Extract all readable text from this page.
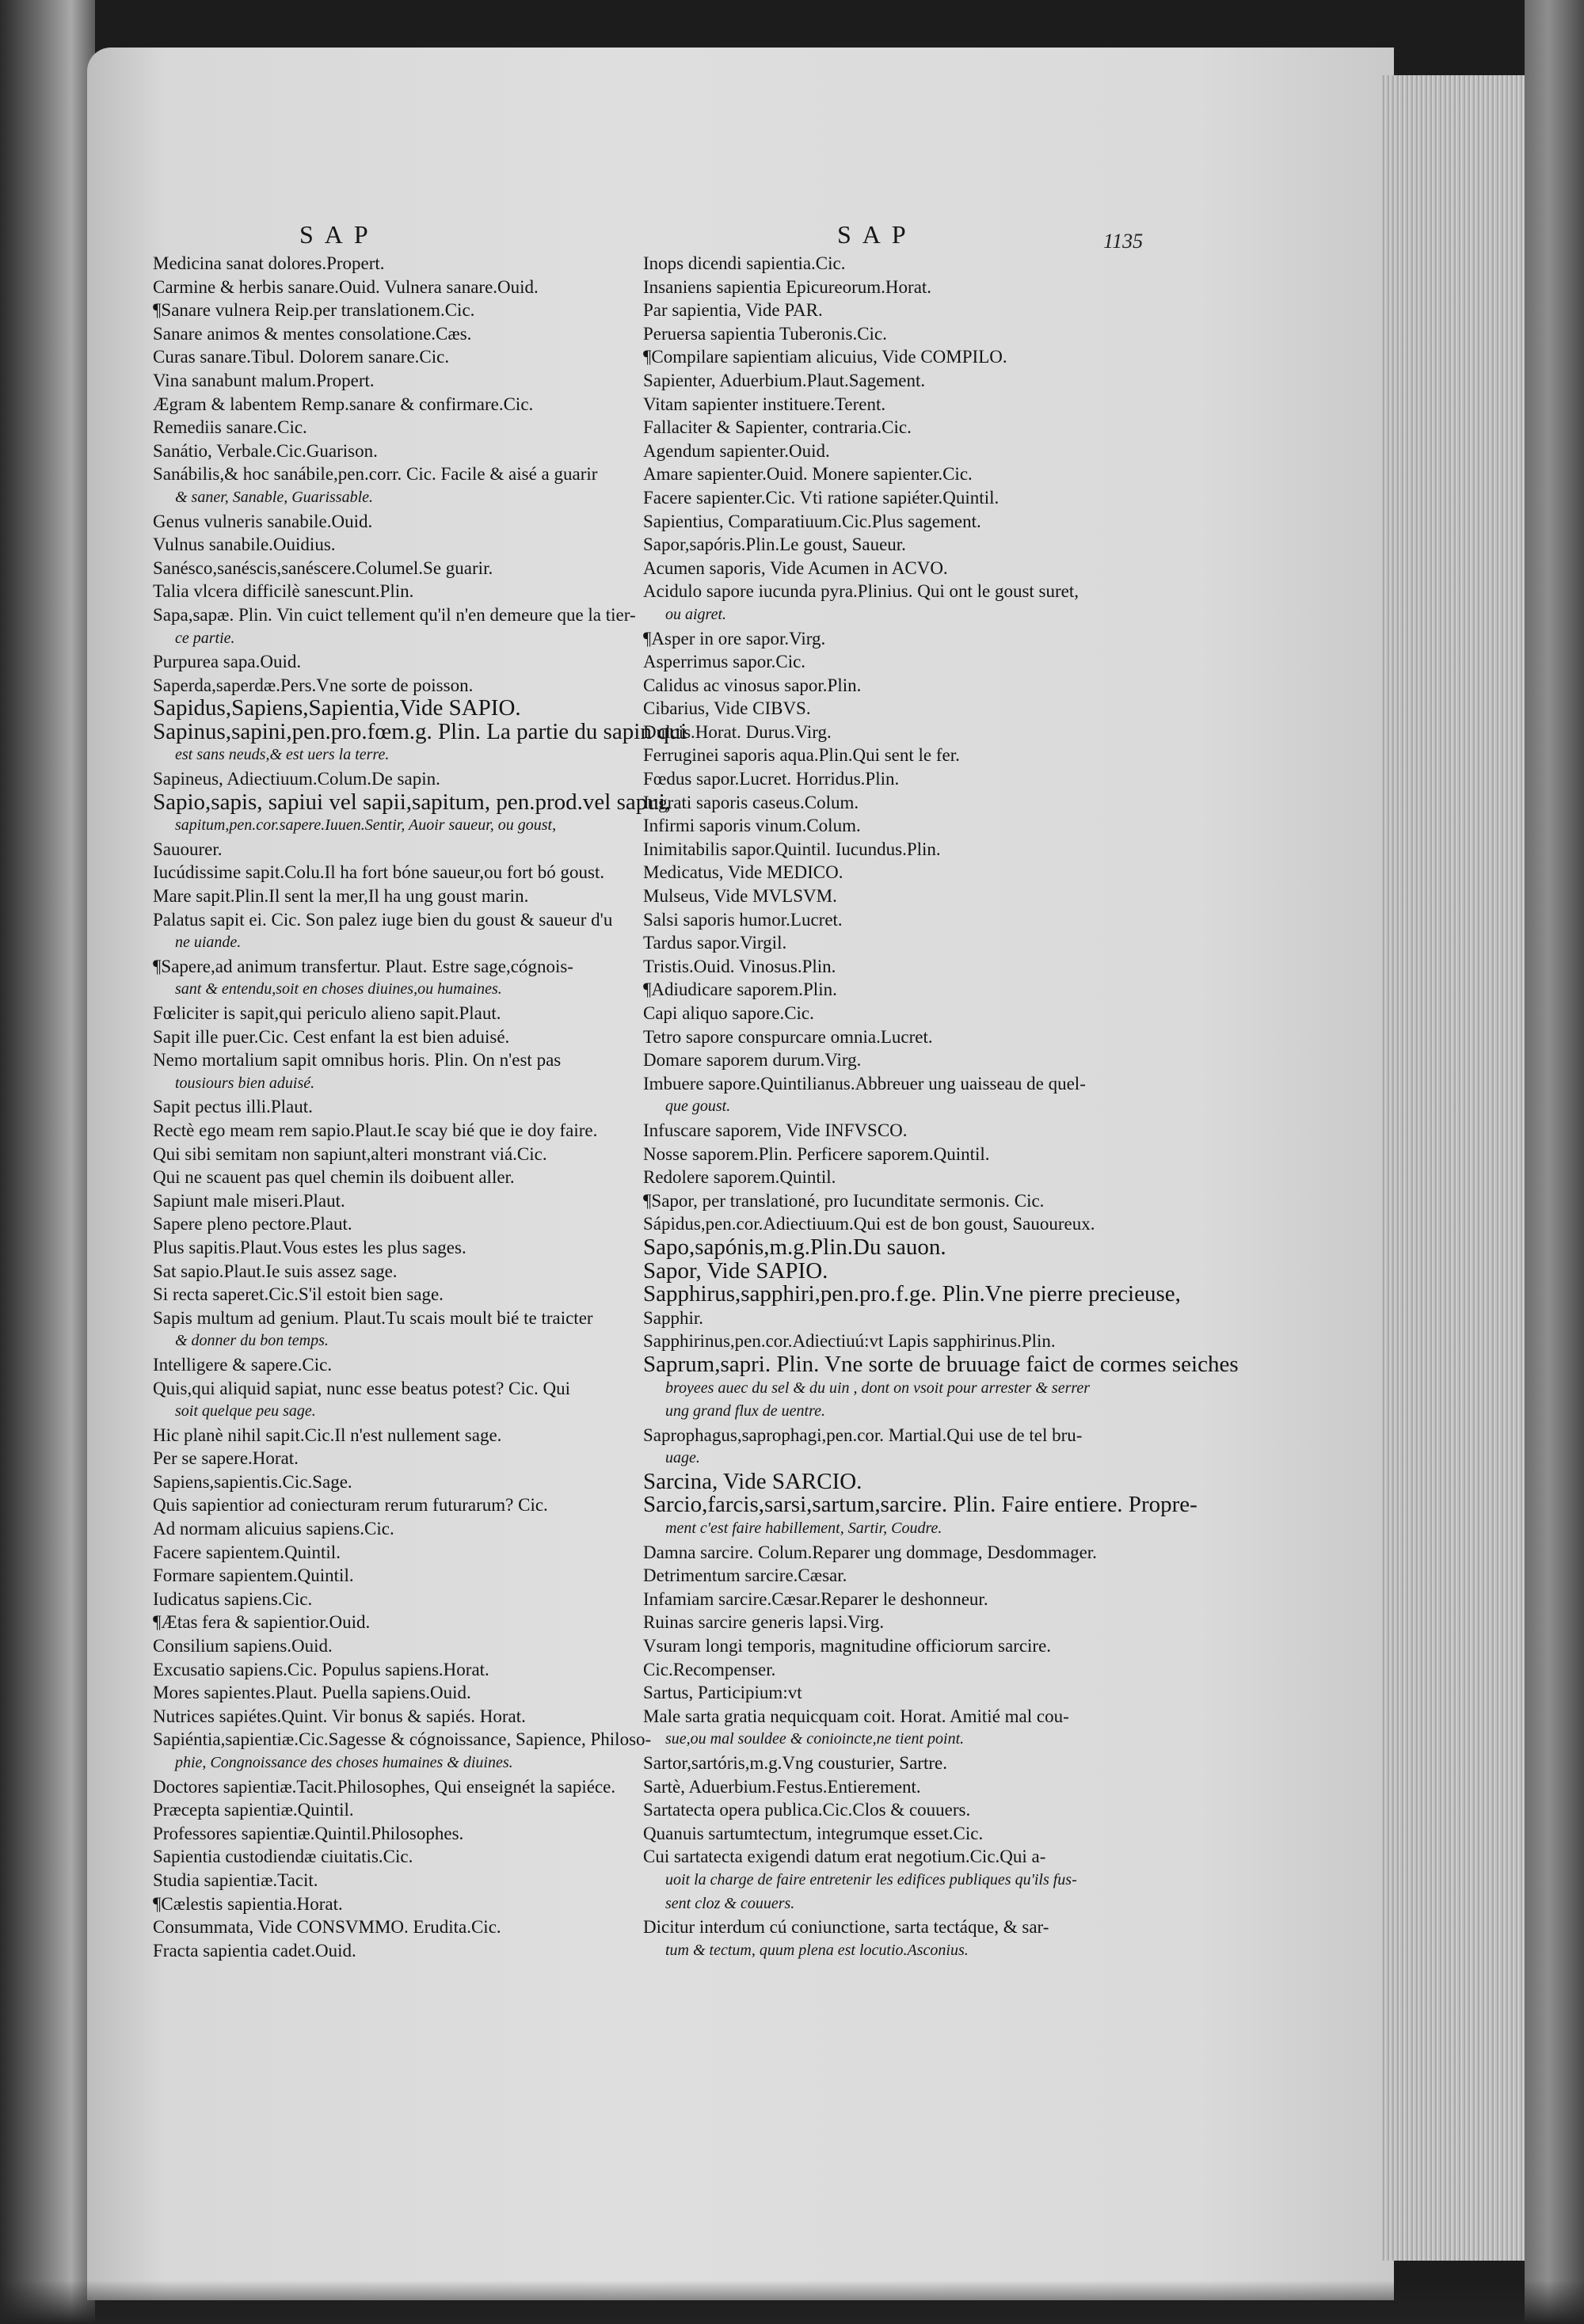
SAP	SAP	1135
Medicina sanat dolores.Propert.
Carmine & herbis sanare.Ouid. Vulnera sanare.Ouid.
¶Sanare vulnera Reip.per translationem.Cic.
Sanare animos & mentes consolatione.Cæs.
Curas sanare.Tibul. Dolorem sanare.Cic.
Vina sanabunt malum.Propert.
Ægram & labentem Remp.sanare & confirmare.Cic.
Remediis sanare.Cic.
Sanátio, Verbale.Cic.Guarison.
Sanábilis,& hoc sanábile,pen.corr. Cic. Facile & aisé a guarir
& saner, Sanable, Guarissable.
Genus vulneris sanabile.Ouid.
Vulnus sanabile.Ouidius.
Sanésco,sanéscis,sanéscere.Columel.Se guarir.
Talia vlcera difficilè sanescunt.Plin.
Sapa,sapæ. Plin. Vin cuict tellement qu'il n'en demeure que la tier-
ce partie.
Purpurea sapa.Ouid.
Saperda,saperdæ.Pers.Vne sorte de poisson.
Sapidus,Sapiens,Sapientia,Vide SAPIO.
Sapinus,sapini,pen.pro.fœm.g. Plin. La partie du sapin qui
est sans neuds,& est uers la terre.
Sapineus, Adiectiuum.Colum.De sapin.
Sapio,sapis, sapiui vel sapii,sapitum, pen.prod.vel sapui,
sapitum,pen.cor.sapere.Iuuen.Sentir, Auoir saueur, ou goust,
Sauourer.
Iucúdissime sapit.Colu.Il ha fort bóne saueur,ou fort bó goust.
Mare sapit.Plin.Il sent la mer,Il ha ung goust marin.
Palatus sapit ei. Cic. Son palez iuge bien du goust & saueur d'u
ne uiande.
¶Sapere,ad animum transfertur. Plaut. Estre sage,cógnois-
sant & entendu,soit en choses diuines,ou humaines.
Fœliciter is sapit,qui periculo alieno sapit.Plaut.
Sapit ille puer.Cic. Cest enfant la est bien aduisé.
Nemo mortalium sapit omnibus horis. Plin. On n'est pas
tousiours bien aduisé.
Sapit pectus illi.Plaut.
Rectè ego meam rem sapio.Plaut.Ie scay bié que ie doy faire.
Qui sibi semitam non sapiunt,alteri monstrant viá.Cic.
Qui ne scauent pas quel chemin ils doibuent aller.
Sapiunt male miseri.Plaut.
Sapere pleno pectore.Plaut.
Plus sapitis.Plaut.Vous estes les plus sages.
Sat sapio.Plaut.Ie suis assez sage.
Si recta saperet.Cic.S'il estoit bien sage.
Sapis multum ad genium. Plaut.Tu scais moult bié te traicter
& donner du bon temps.
Intelligere & sapere.Cic.
Quis,qui aliquid sapiat, nunc esse beatus potest? Cic. Qui
soit quelque peu sage.
Hic planè nihil sapit.Cic.Il n'est nullement sage.
Per se sapere.Horat.
Sapiens,sapientis.Cic.Sage.
Quis sapientior ad coniecturam rerum futurarum? Cic.
Ad normam alicuius sapiens.Cic.
Facere sapientem.Quintil.
Formare sapientem.Quintil.
Iudicatus sapiens.Cic.
¶Ætas fera & sapientior.Ouid.
Consilium sapiens.Ouid.
Excusatio sapiens.Cic. Populus sapiens.Horat.
Mores sapientes.Plaut. Puella sapiens.Ouid.
Nutrices sapiétes.Quint. Vir bonus & sapiés. Horat.
Sapiéntia,sapientiæ.Cic.Sagesse & cógnoissance, Sapience, Philoso-
phie, Congnoissance des choses humaines & diuines.
Doctores sapientiæ.Tacit.Philosophes, Qui enseignét la sapiéce.
Præcepta sapientiæ.Quintil.
Professores sapientiæ.Quintil.Philosophes.
Sapientia custodiendæ ciuitatis.Cic.
Studia sapientiæ.Tacit.
¶Cælestis sapientia.Horat.
Consummata, Vide CONSVMMO. Erudita.Cic.
Fracta sapientia cadet.Ouid.
Inops dicendi sapientia.Cic.
Insaniens sapientia Epicureorum.Horat.
Par sapientia, Vide PAR.
Peruersa sapientia Tuberonis.Cic.
¶Compilare sapientiam alicuius, Vide COMPILO.
Sapienter, Aduerbium.Plaut.Sagement.
Vitam sapienter instituere.Terent.
Fallaciter & Sapienter, contraria.Cic.
Agendum sapienter.Ouid.
Amare sapienter.Ouid. Monere sapienter.Cic.
Facere sapienter.Cic. Vti ratione sapiéter.Quintil.
Sapientius, Comparatiuum.Cic.Plus sagement.
Sapor,sapóris.Plin.Le goust, Saueur.
Acumen saporis, Vide Acumen in ACVO.
Acidulo sapore iucunda pyra.Plinius. Qui ont le goust suret,
ou aigret.
¶Asper in ore sapor.Virg.
Asperrimus sapor.Cic.
Calidus ac vinosus sapor.Plin.
Cibarius, Vide CIBVS.
Dulcis.Horat. Durus.Virg.
Ferruginei saporis aqua.Plin.Qui sent le fer.
Fœdus sapor.Lucret. Horridus.Plin.
Ingrati saporis caseus.Colum.
Infirmi saporis vinum.Colum.
Inimitabilis sapor.Quintil. Iucundus.Plin.
Medicatus, Vide MEDICO.
Mulseus, Vide MVLSVM.
Salsi saporis humor.Lucret.
Tardus sapor.Virgil.
Tristis.Ouid. Vinosus.Plin.
¶Adiudicare saporem.Plin.
Capi aliquo sapore.Cic.
Tetro sapore conspurcare omnia.Lucret.
Domare saporem durum.Virg.
Imbuere sapore.Quintilianus.Abbreuer ung uaisseau de quel-
que goust.
Infuscare saporem, Vide INFVSCO.
Nosse saporem.Plin. Perficere saporem.Quintil.
Redolere saporem.Quintil.
¶Sapor, per translationé, pro Iucunditate sermonis. Cic.
Sápidus,pen.cor.Adiectiuum.Qui est de bon goust, Sauoureux.
Sapo,sapónis,m.g.Plin.Du sauon.
Sapor, Vide SAPIO.
Sapphirus,sapphiri,pen.pro.f.ge. Plin.Vne pierre precieuse,
Sapphir.
Sapphirinus,pen.cor.Adiectiuú:vt Lapis sapphirinus.Plin.
Saprum,sapri. Plin. Vne sorte de bruuage faict de cormes seiches
broyees auec du sel & du uin , dont on vsoit pour arrester & serrer
ung grand flux de uentre.
Saprophagus,saprophagi,pen.cor. Martial.Qui use de tel bru-
uage.
Sarcina, Vide SARCIO.
Sarcio,farcis,sarsi,sartum,sarcire. Plin. Faire entiere. Propre-
ment c'est faire habillement, Sartir, Coudre.
Damna sarcire. Colum.Reparer ung dommage, Desdommager.
Detrimentum sarcire.Cæsar.
Infamiam sarcire.Cæsar.Reparer le deshonneur.
Ruinas sarcire generis lapsi.Virg.
Vsuram longi temporis, magnitudine officiorum sarcire.
Cic.Recompenser.
Sartus, Participium:vt
Male sarta gratia nequicquam coit. Horat. Amitié mal cou-
sue,ou mal souldee & conioincte,ne tient point.
Sartor,sartóris,m.g.Vng cousturier, Sartre.
Sartè, Aduerbium.Festus.Entierement.
Sartatecta opera publica.Cic.Clos & couuers.
Quanuis sartumtectum, integrumque esset.Cic.
Cui sartatecta exigendi datum erat negotium.Cic.Qui a-
uoit la charge de faire entretenir les edifices publiques qu'ils fus-
sent cloz & couuers.
Dicitur interdum cú coniunctione, sarta tectáque, & sar-
tum & tectum, quum plena est locutio.Asconius.
